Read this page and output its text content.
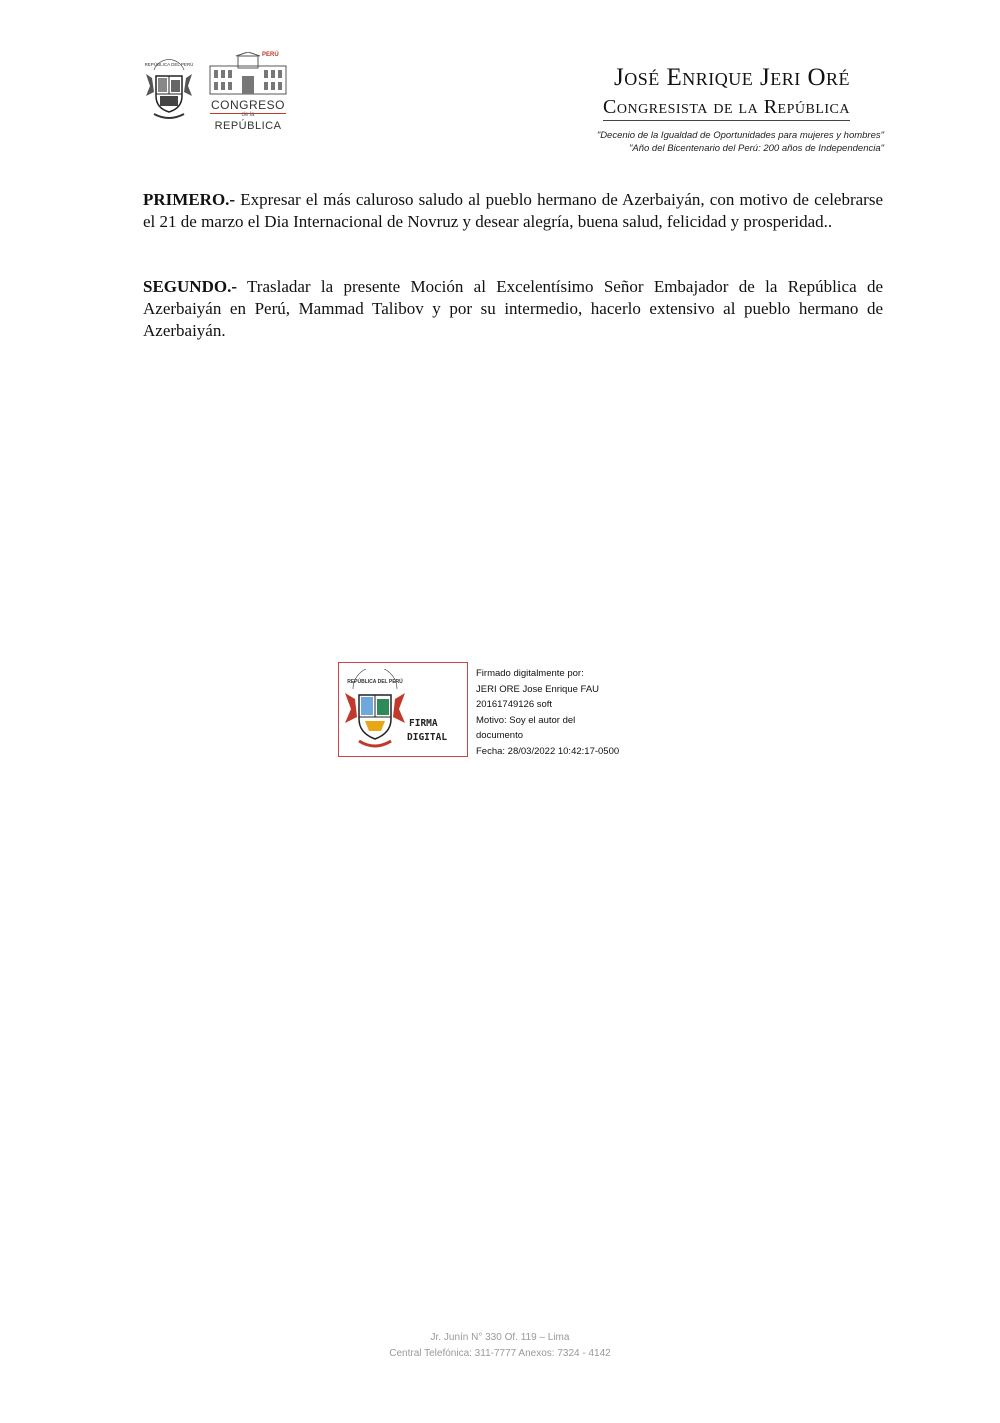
REPÚBLICA DEL PERÚ
PERÚ
CONGRESO
de la
REPÚBLICA
José Enrique Jeri Oré
Congresista de la República
"Decenio de la Igualdad de Oportunidades para mujeres y hombres"
"Año del Bicentenario del Perú: 200 años de Independencia"
PRIMERO.- Expresar el más caluroso saludo al pueblo hermano de Azerbaiyán, con motivo de celebrarse el 21 de marzo el Dia Internacional de Novruz y desear alegría, buena salud, felicidad y prosperidad..
SEGUNDO.- Trasladar la presente Moción al Excelentísimo Señor Embajador de la República de Azerbaiyán en Perú, Mammad Talibov y por su intermedio, hacerlo extensivo al pueblo hermano de Azerbaiyán.
REPÚBLICA DEL PERÚ
FIRMA
DIGITAL
Firmado digitalmente por:
JERI ORE Jose Enrique FAU
20161749126 soft
Motivo: Soy el autor del
documento
Fecha: 28/03/2022 10:42:17-0500
Jr. Junín N° 330 Of. 119 – Lima
Central Telefónica: 311-7777 Anexos: 7324 - 4142
